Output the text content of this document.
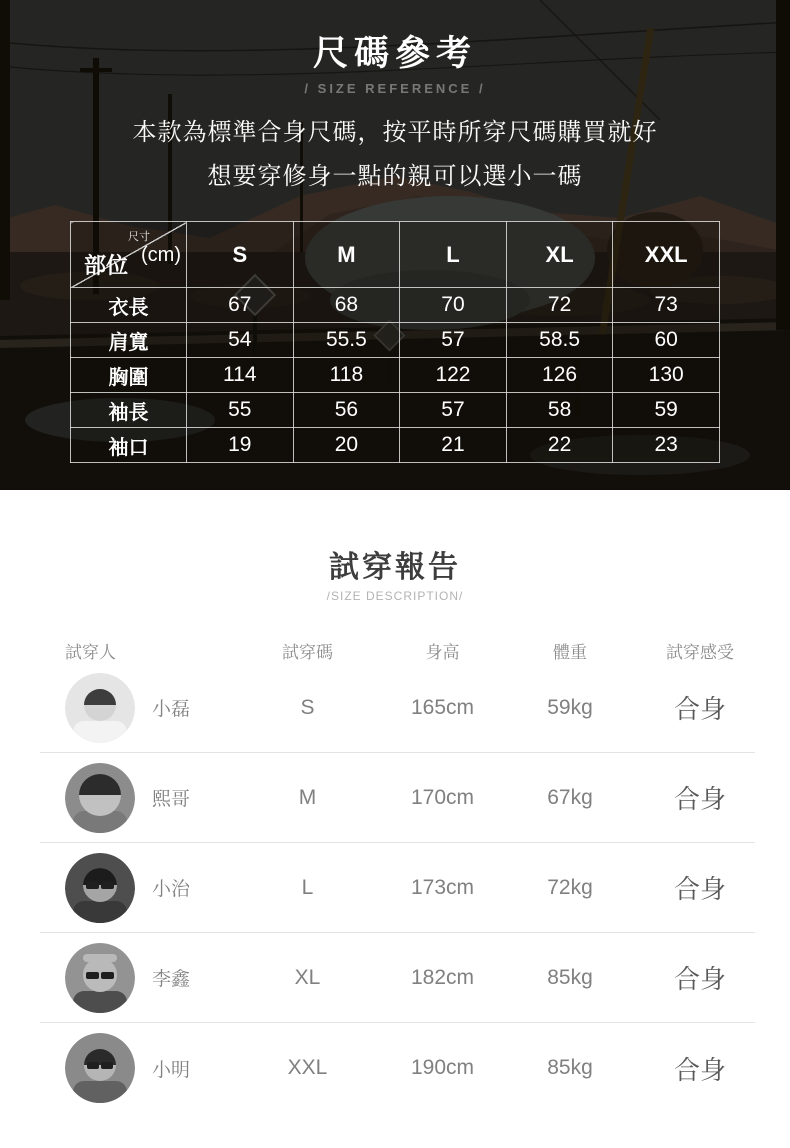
尺碼參考
/ SIZE REFERENCE /

本款為標準合身尺碼，按平時所穿尺碼購買就好

想要穿修身一點的親可以選小一碼

尺寸
(cm)
部位	S	M	L	XL	XXL
衣長	67	68	70	72	73
肩寬	54	55.5	57	58.5	60
胸圍	114	118	122	126	130
袖長	55	56	57	58	59
袖口	19	20	21	22	23
試穿報告
/SIZE DESCRIPTION/
試穿人	試穿碼	身高	體重	試穿感受
小磊	S	165cm	59kg	合身
熙哥	M	170cm	67kg	合身
小治	L	173cm	72kg	合身
李鑫	XL	182cm	85kg	合身
小明	XXL	190cm	85kg	合身
